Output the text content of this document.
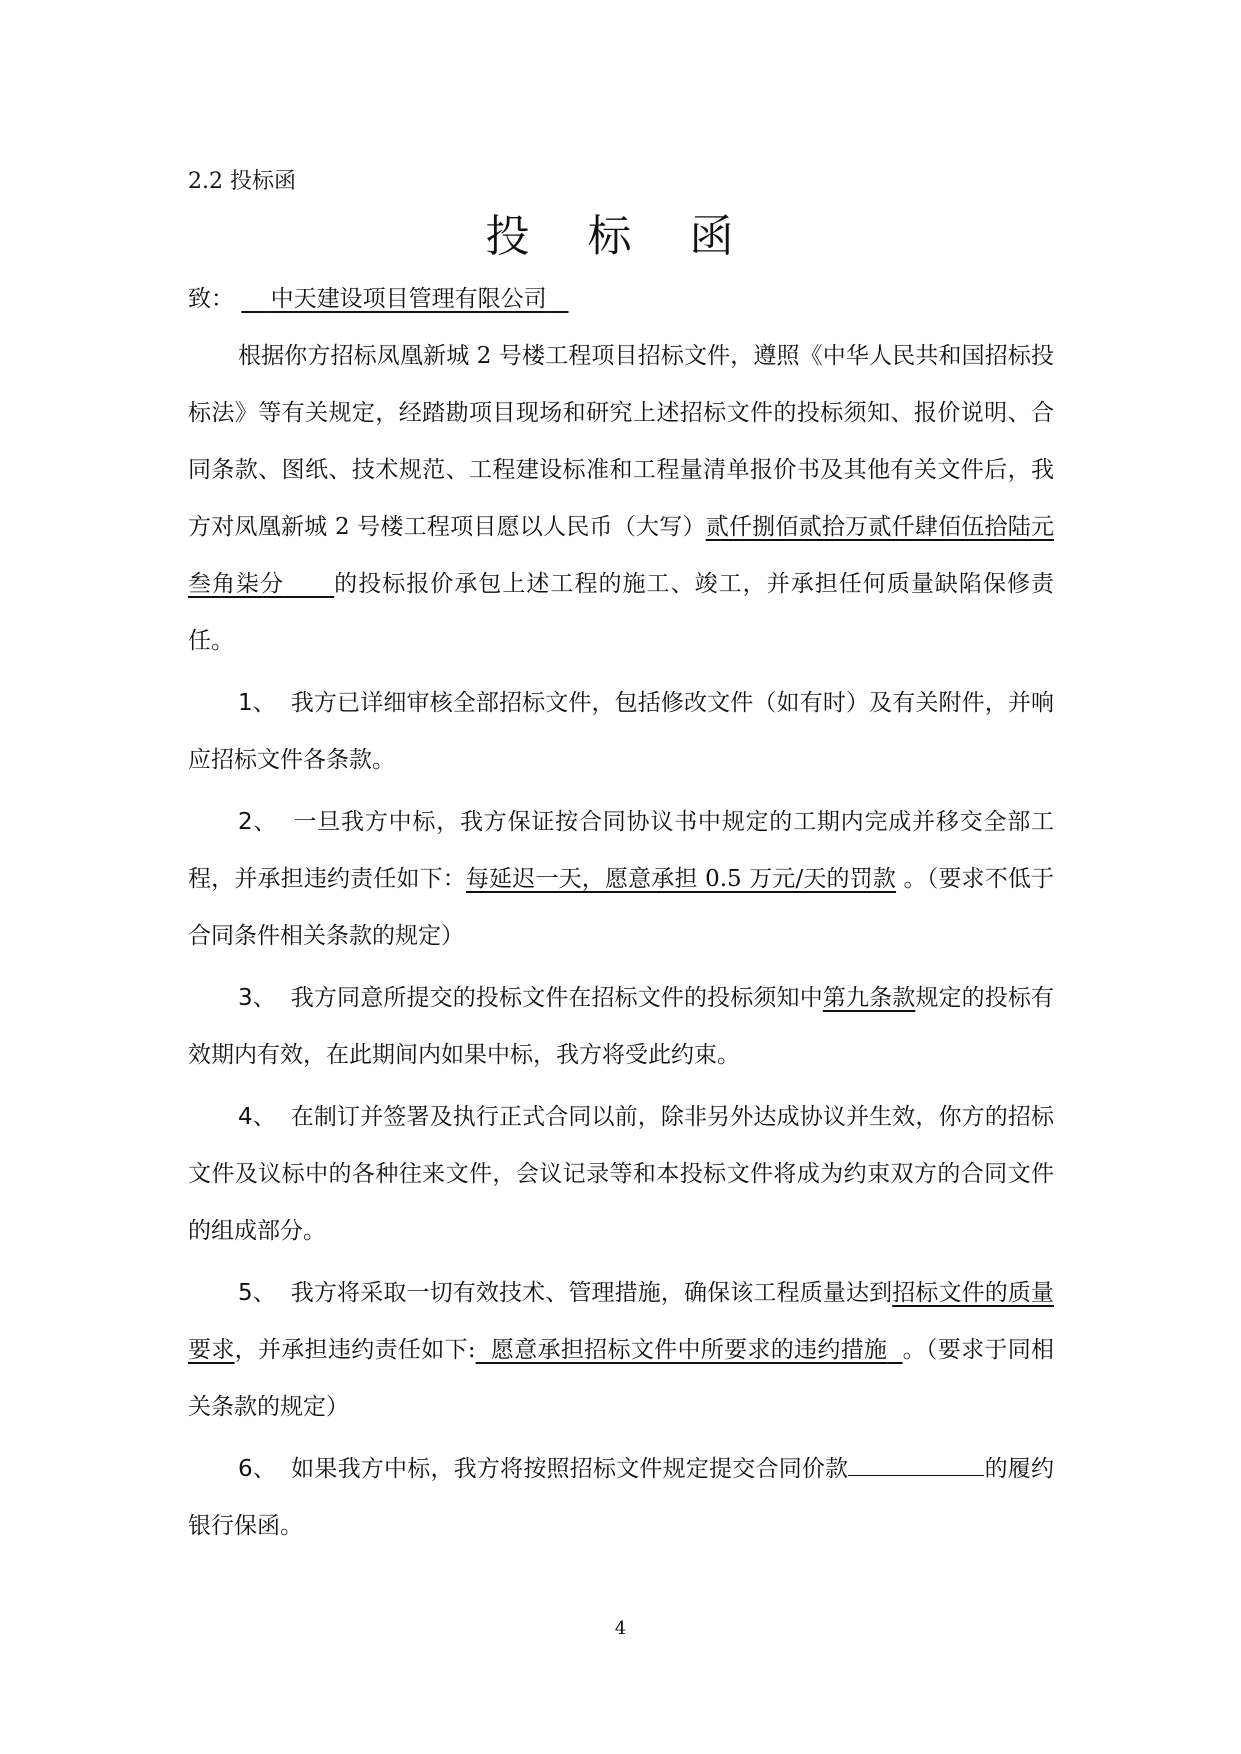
2.2 投标函
投 标 函
致： 中天建设项目管理有限公司

根据你方招标凤凰新城 2 号楼工程项目招标文件，遵照《中华人民共和国招标投标法》等有关规定，经踏勘项目现场和研究上述招标文件的投标须知、报价说明、合同条款、图纸、技术规范、工程建设标准和工程量清单报价书及其他有关文件后，我方对凤凰新城 2 号楼工程项目愿以人民币（大写）贰仟捌佰贰拾万贰仟肆佰伍拾陆元叁角柒分 的投标报价承包上述工程的施工、竣工，并承担任何质量缺陷保修责任。

1、 我方已详细审核全部招标文件，包括修改文件（如有时）及有关附件，并响应招标文件各条款。

2、 一旦我方中标，我方保证按合同协议书中规定的工期内完成并移交全部工程，并承担违约责任如下：每延迟一天，愿意承担 0.5 万元/天的罚款 。（要求不低于合同条件相关条款的规定）

3、 我方同意所提交的投标文件在招标文件的投标须知中第九条款规定的投标有效期内有效，在此期间内如果中标，我方将受此约束。

4、 在制订并签署及执行正式合同以前，除非另外达成协议并生效，你方的招标文件及议标中的各种往来文件，会议记录等和本投标文件将成为约束双方的合同文件的组成部分。

5、 我方将采取一切有效技术、管理措施，确保该工程质量达到招标文件的质量要求，并承担违约责任如下: 愿意承担招标文件中所要求的违约措施 。（要求于同相关条款的规定）

6、 如果我方中标，我方将按照招标文件规定提交合同价款	的履约银行保函。

4
